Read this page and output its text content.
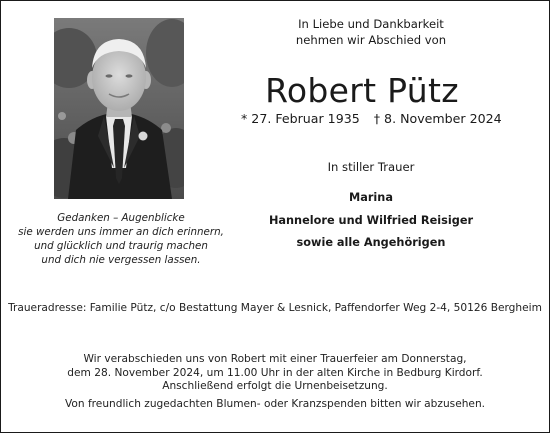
Gedanken – Augenblicke
sie werden uns immer an dich erinnern,
und glücklich und traurig machen
und dich nie vergessen lassen.
In Liebe und Dankbarkeit
nehmen wir Abschied von
Robert Pütz
* 27. Februar 1935 † 8. November 2024
In stiller Trauer
Marina
Hannelore und Wilfried Reisiger
sowie alle Angehörigen
Traueradresse: Familie Pütz, c/o Bestattung Mayer & Lesnick, Paffendorfer Weg 2-4, 50126 Bergheim
Wir verabschieden uns von Robert mit einer Trauerfeier am Donnerstag,
dem 28. November 2024, um 11.00 Uhr in der alten Kirche in Bedburg Kirdorf.
Anschließend erfolgt die Urnenbeisetzung.
Von freundlich zugedachten Blumen- oder Kranzspenden bitten wir abzusehen.
